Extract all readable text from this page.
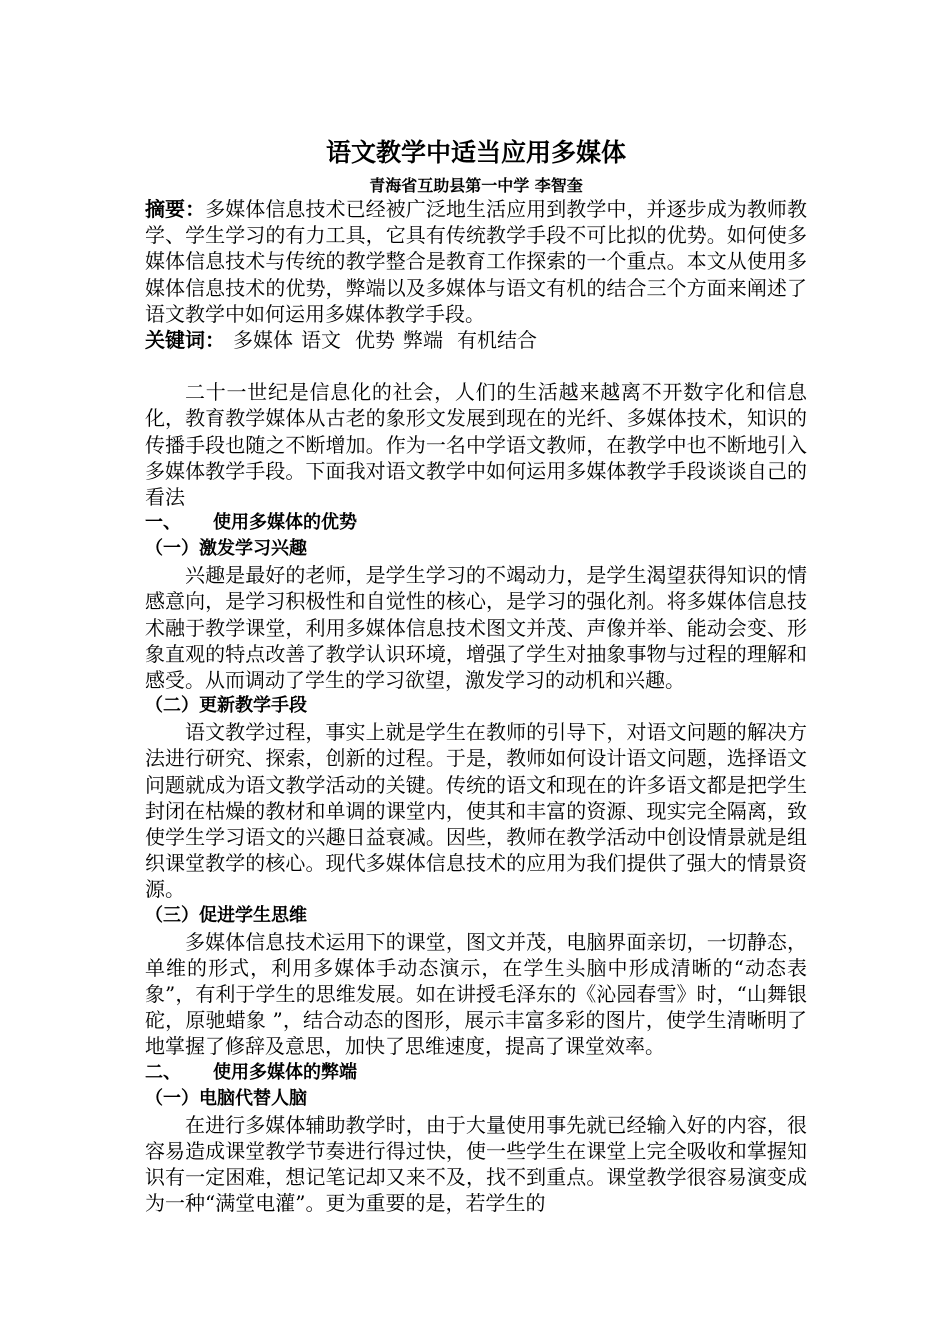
语文教学中适当应用多媒体
青海省互助县第一中学 李智奎

摘要：多媒体信息技术已经被广泛地生活应用到教学中，并逐步成为教师教学、学生学习的有力工具，它具有传统教学手段不可比拟的优势。如何使多媒体信息技术与传统的教学整合是教育工作探索的一个重点。本文从使用多媒体信息技术的优势，弊端以及多媒体与语文有机的结合三个方面来阐述了语文教学中如何运用多媒体教学手段。

关键词： 多媒体 语文 优势 弊端 有机结合

二十一世纪是信息化的社会，人们的生活越来越离不开数字化和信息化，教育教学媒体从古老的象形文发展到现在的光纤、多媒体技术，知识的传播手段也随之不断增加。作为一名中学语文教师，在教学中也不断地引入多媒体教学手段。下面我对语文教学中如何运用多媒体教学手段谈谈自己的看法

一、 使用多媒体的优势
（一）激发学习兴趣

兴趣是最好的老师，是学生学习的不竭动力，是学生渴望获得知识的情感意向，是学习积极性和自觉性的核心，是学习的强化剂。将多媒体信息技术融于教学课堂，利用多媒体信息技术图文并茂、声像并举、能动会变、形象直观的特点改善了教学认识环境，增强了学生对抽象事物与过程的理解和感受。从而调动了学生的学习欲望，激发学习的动机和兴趣。

（二）更新教学手段

语文教学过程，事实上就是学生在教师的引导下，对语文问题的解决方法进行研究、探索，创新的过程。于是，教师如何设计语文问题，选择语文问题就成为语文教学活动的关键。传统的语文和现在的许多语文都是把学生封闭在枯燥的教材和单调的课堂内，使其和丰富的资源、现实完全隔离，致使学生学习语文的兴趣日益衰减。因些，教师在教学活动中创设情景就是组织课堂教学的核心。现代多媒体信息技术的应用为我们提供了强大的情景资源。

（三）促进学生思维

多媒体信息技术运用下的课堂，图文并茂，电脑界面亲切，一切静态，单维的形式，利用多媒体手动态演示，在学生头脑中形成清晰的“动态表象”，有利于学生的思维发展。如在讲授毛泽东的《沁园春雪》时，“山舞银砣，原驰蜡象 ”，结合动态的图形，展示丰富多彩的图片，使学生清晰明了地掌握了修辞及意思，加快了思维速度，提高了课堂效率。

二、 使用多媒体的弊端
（一）电脑代替人脑

在进行多媒体辅助教学时，由于大量使用事先就已经输入好的内容，很容易造成课堂教学节奏进行得过快，使一些学生在课堂上完全吸收和掌握知识有一定困难，想记笔记却又来不及，找不到重点。课堂教学很容易演变成为一种“满堂电灌”。更为重要的是，若学生的
